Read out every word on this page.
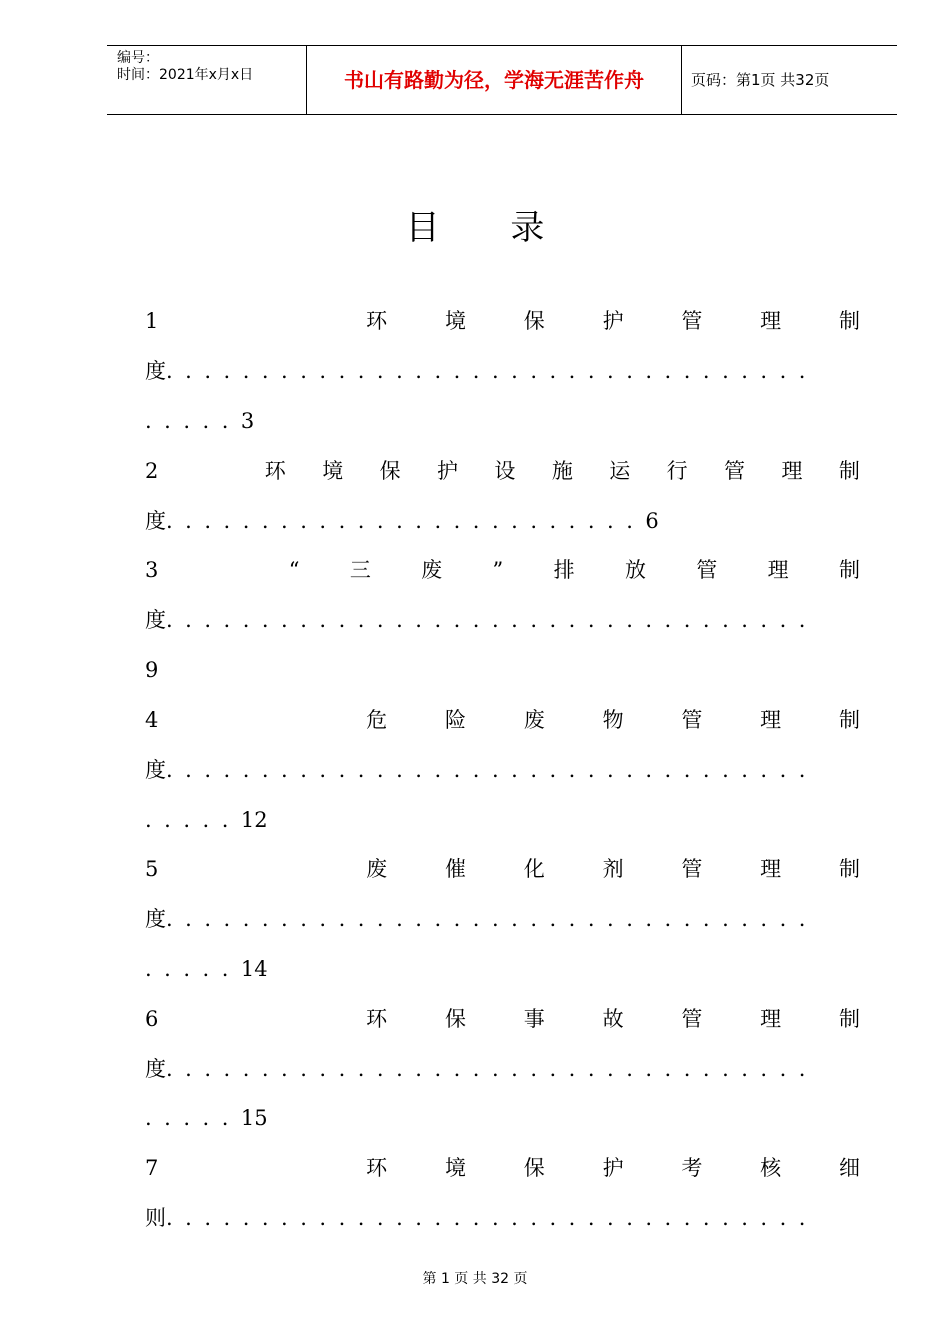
编号：
时间：2021年x月x日	书山有路勤为径，学海无涯苦作舟	页码：第1页 共32页
目 录
1	环	境	保	护	管	理	制
度..................................
.....3
2	环 境 保 护 设 施 运 行 管 理 制
度.........................6
3	“ 三 废 ” 排 放 管 理 制
度..................................
9
4	危	险	废	物	管	理	制
度..................................
.....12
5	废	催	化	剂	管	理	制
度..................................
.....14
6	环	保	事	故	管	理	制
度..................................
.....15
7	环	境	保	护	考	核	细
则..................................
第 1 页 共 32 页
